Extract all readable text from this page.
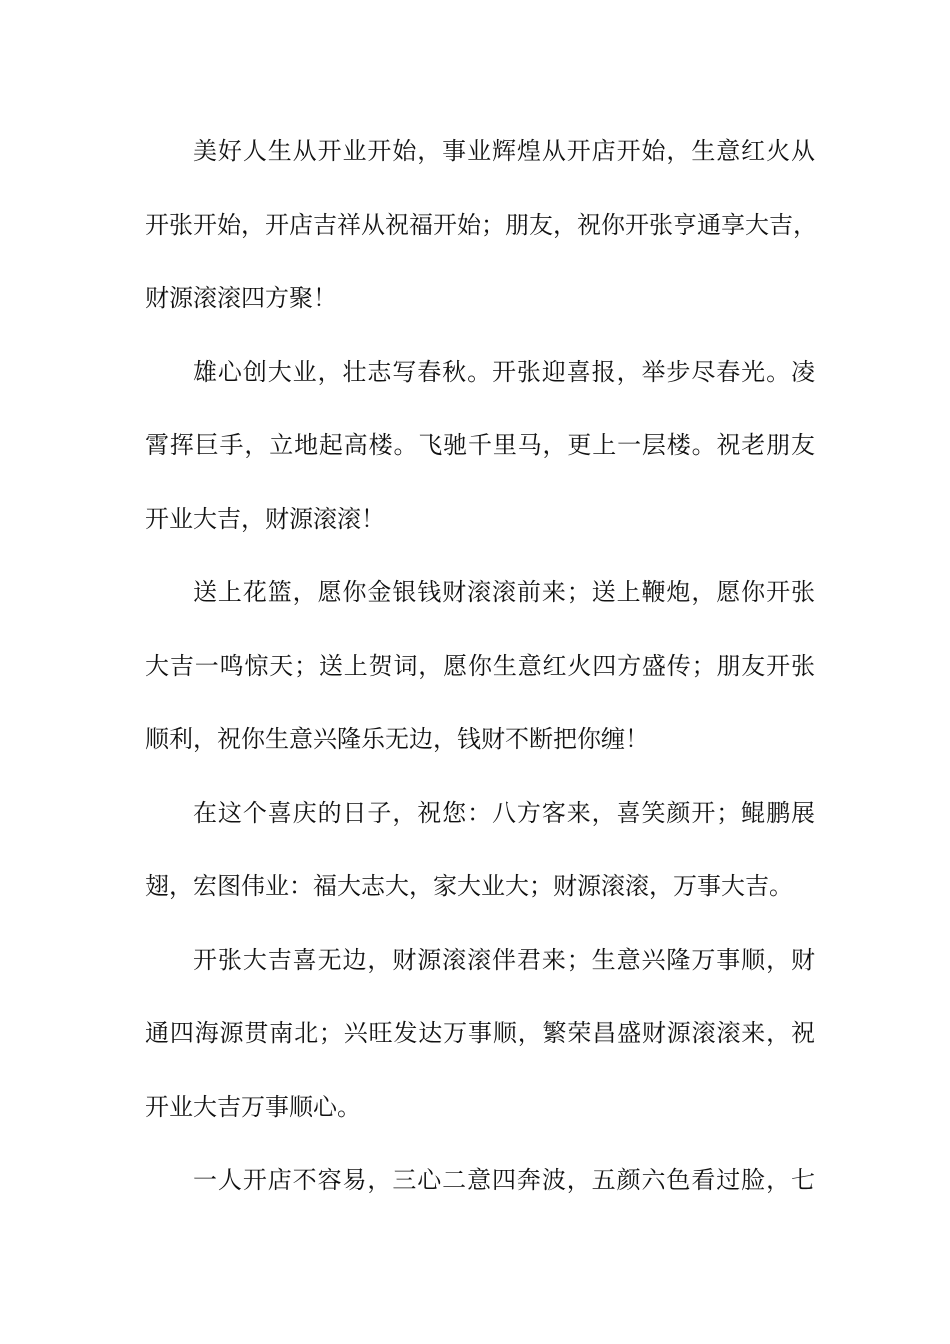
美好人生从开业开始，事业辉煌从开店开始，生意红火从
开张开始，开店吉祥从祝福开始；朋友，祝你开张亨通享大吉，
财源滚滚四方聚！
雄心创大业，壮志写春秋。开张迎喜报，举步尽春光。凌
霄挥巨手，立地起高楼。飞驰千里马，更上一层楼。祝老朋友
开业大吉，财源滚滚！
送上花篮，愿你金银钱财滚滚前来；送上鞭炮，愿你开张
大吉一鸣惊天；送上贺词，愿你生意红火四方盛传；朋友开张
顺利，祝你生意兴隆乐无边，钱财不断把你缠！
在这个喜庆的日子，祝您：八方客来，喜笑颜开；鲲鹏展
翅，宏图伟业：福大志大，家大业大；财源滚滚，万事大吉。
开张大吉喜无边，财源滚滚伴君来；生意兴隆万事顺，财
通四海源贯南北；兴旺发达万事顺，繁荣昌盛财源滚滚来，祝
开业大吉万事顺心。
一人开店不容易，三心二意四奔波，五颜六色看过脸，七
